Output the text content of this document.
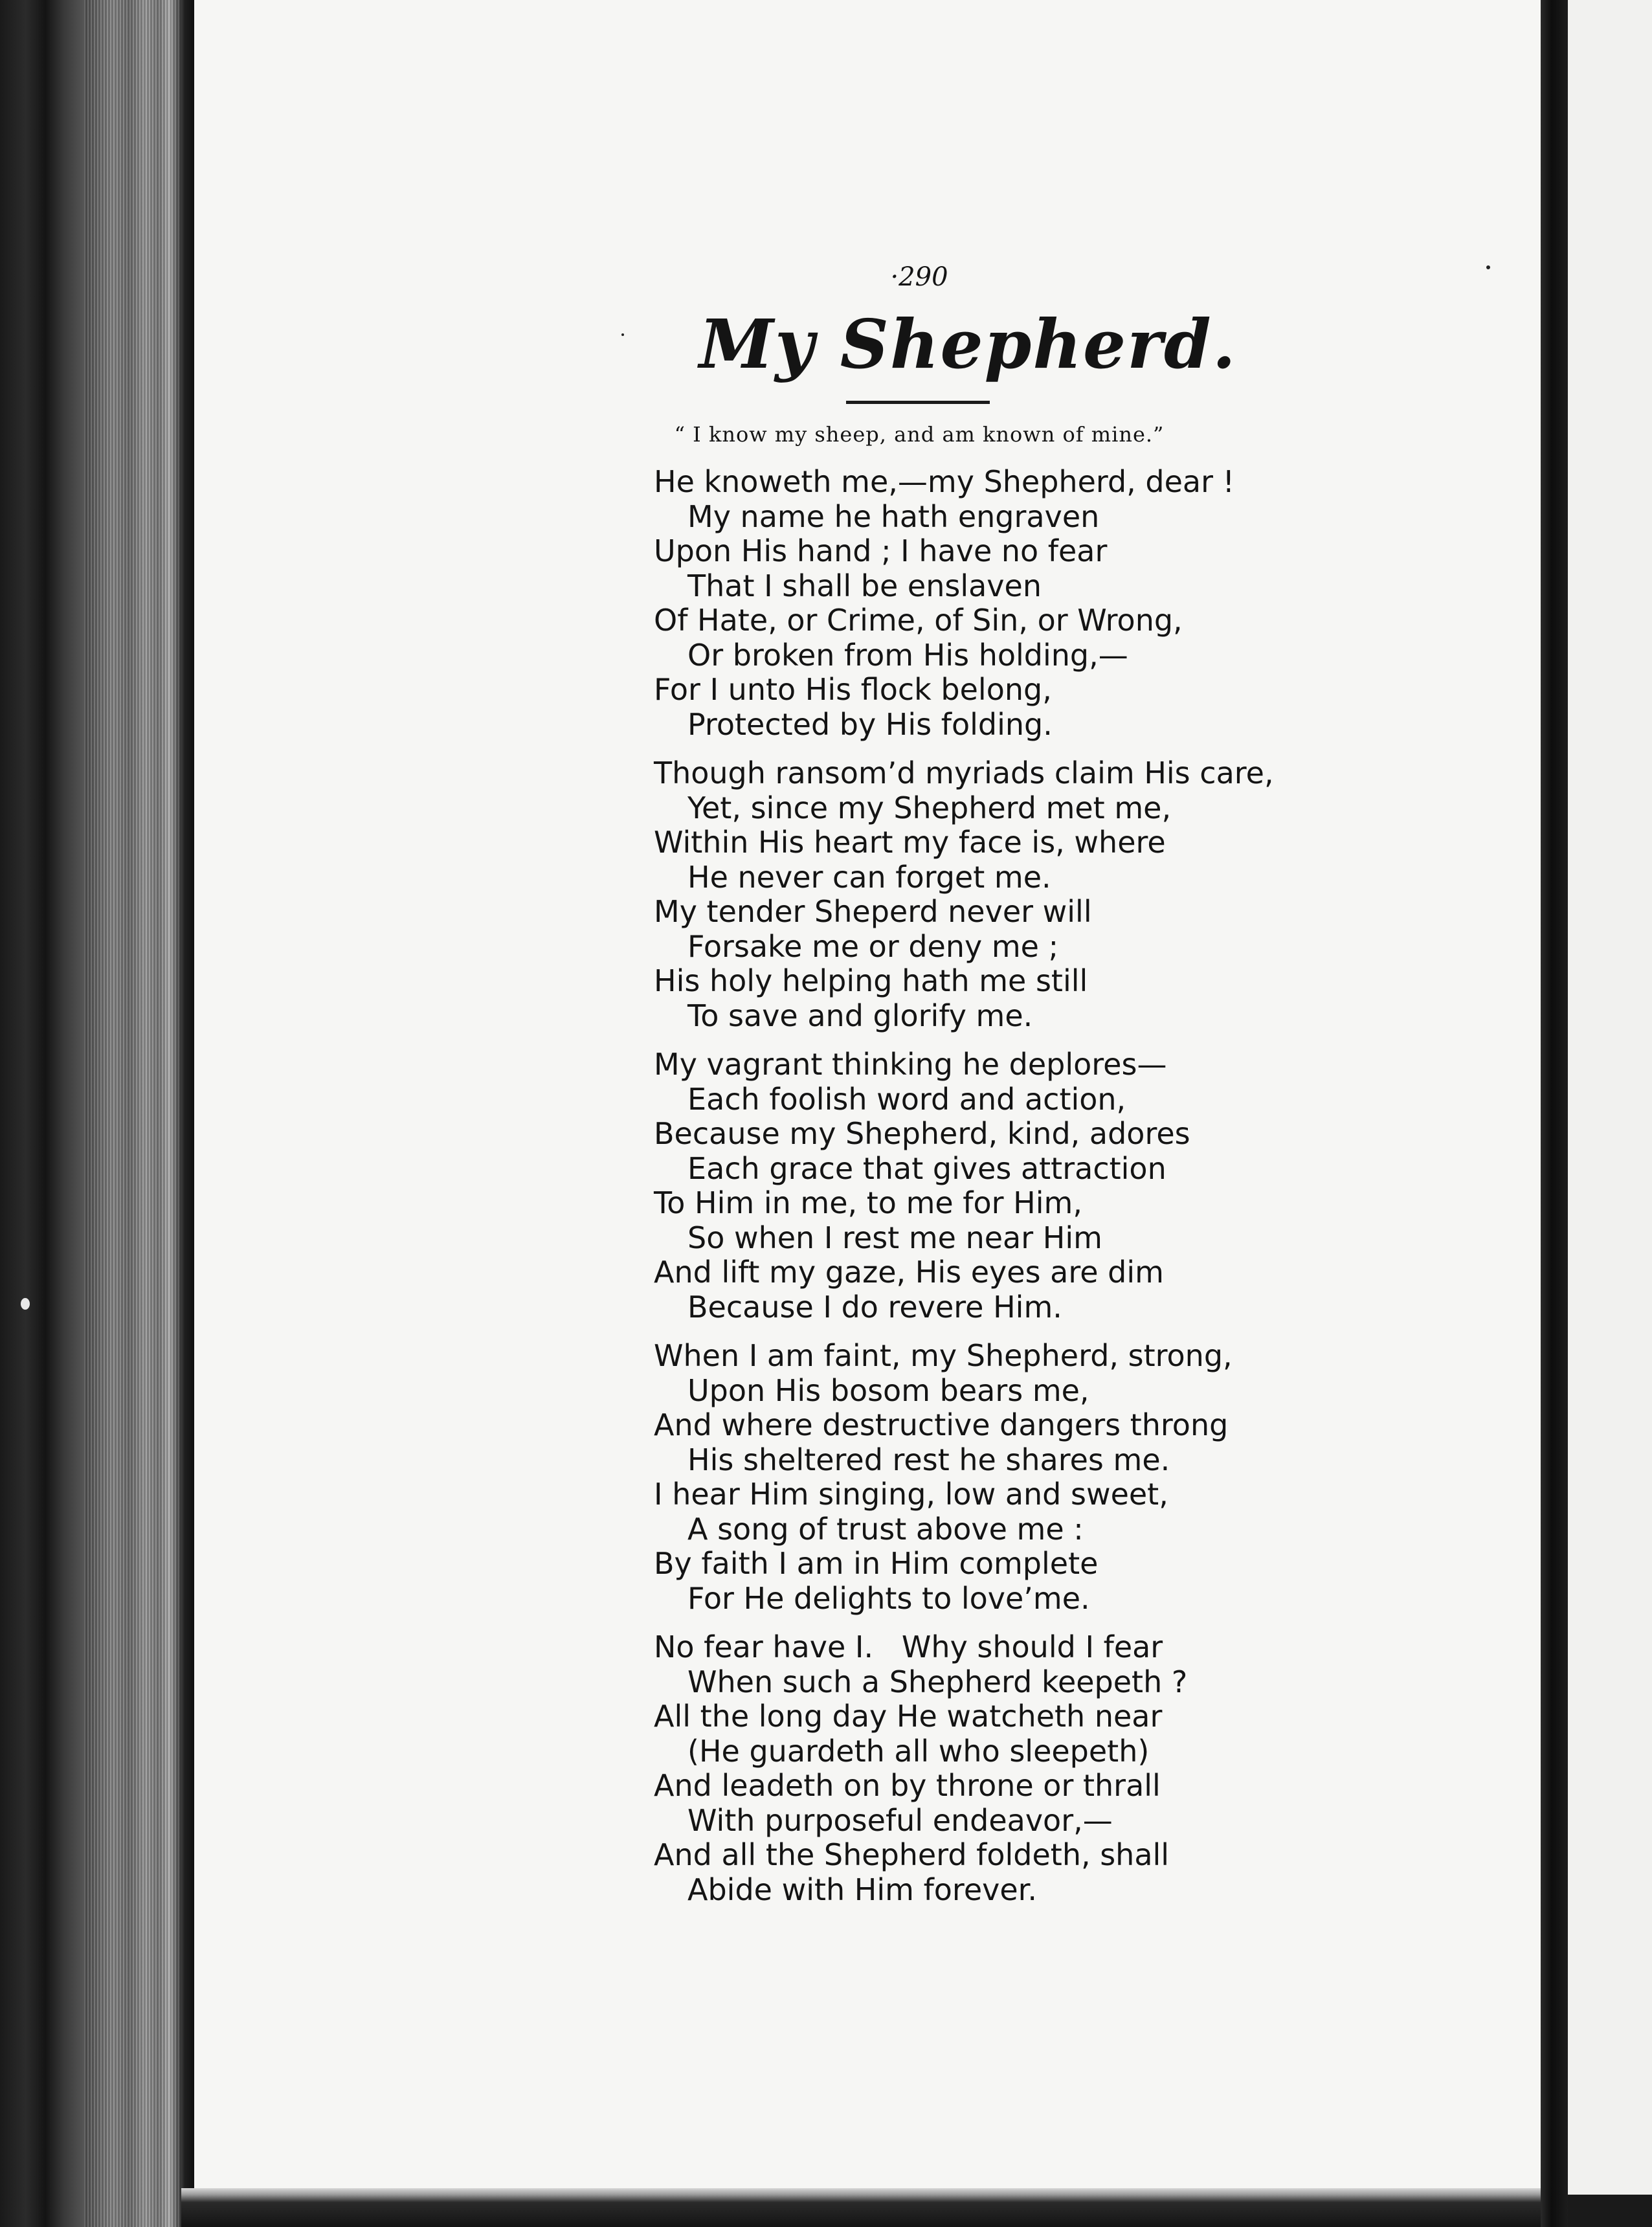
·290
My Shepherd.
“ I know my sheep, and am known of mine.”
He knoweth me,—my Shepherd, dear !
My name he hath engraven
Upon His hand ; I have no fear
That I shall be enslaven
Of Hate, or Crime, of Sin, or Wrong,
Or broken from His holding,—
For I unto His flock belong,
Protected by His folding.
Though ransom’d myriads claim His care,
Yet, since my Shepherd met me,
Within His heart my face is, where
He never can forget me.
My tender Sheperd never will
Forsake me or deny me ;
His holy helping hath me still
To save and glorify me.
My vagrant thinking he deplores—
Each foolish word and action,
Because my Shepherd, kind, adores
Each grace that gives attraction
To Him in me, to me for Him,
So when I rest me near Him
And lift my gaze, His eyes are dim
Because I do revere Him.
When I am faint, my Shepherd, strong,
Upon His bosom bears me,
And where destructive dangers throng
His sheltered rest he shares me.
I hear Him singing, low and sweet,
A song of trust above me :
By faith I am in Him complete
For He delights to love’me.
No fear have I.   Why should I fear
When such a Shepherd keepeth ?
All the long day He watcheth near
(He guardeth all who sleepeth)
And leadeth on by throne or thrall
With purposeful endeavor,—
And all the Shepherd foldeth, shall
Abide with Him forever.
